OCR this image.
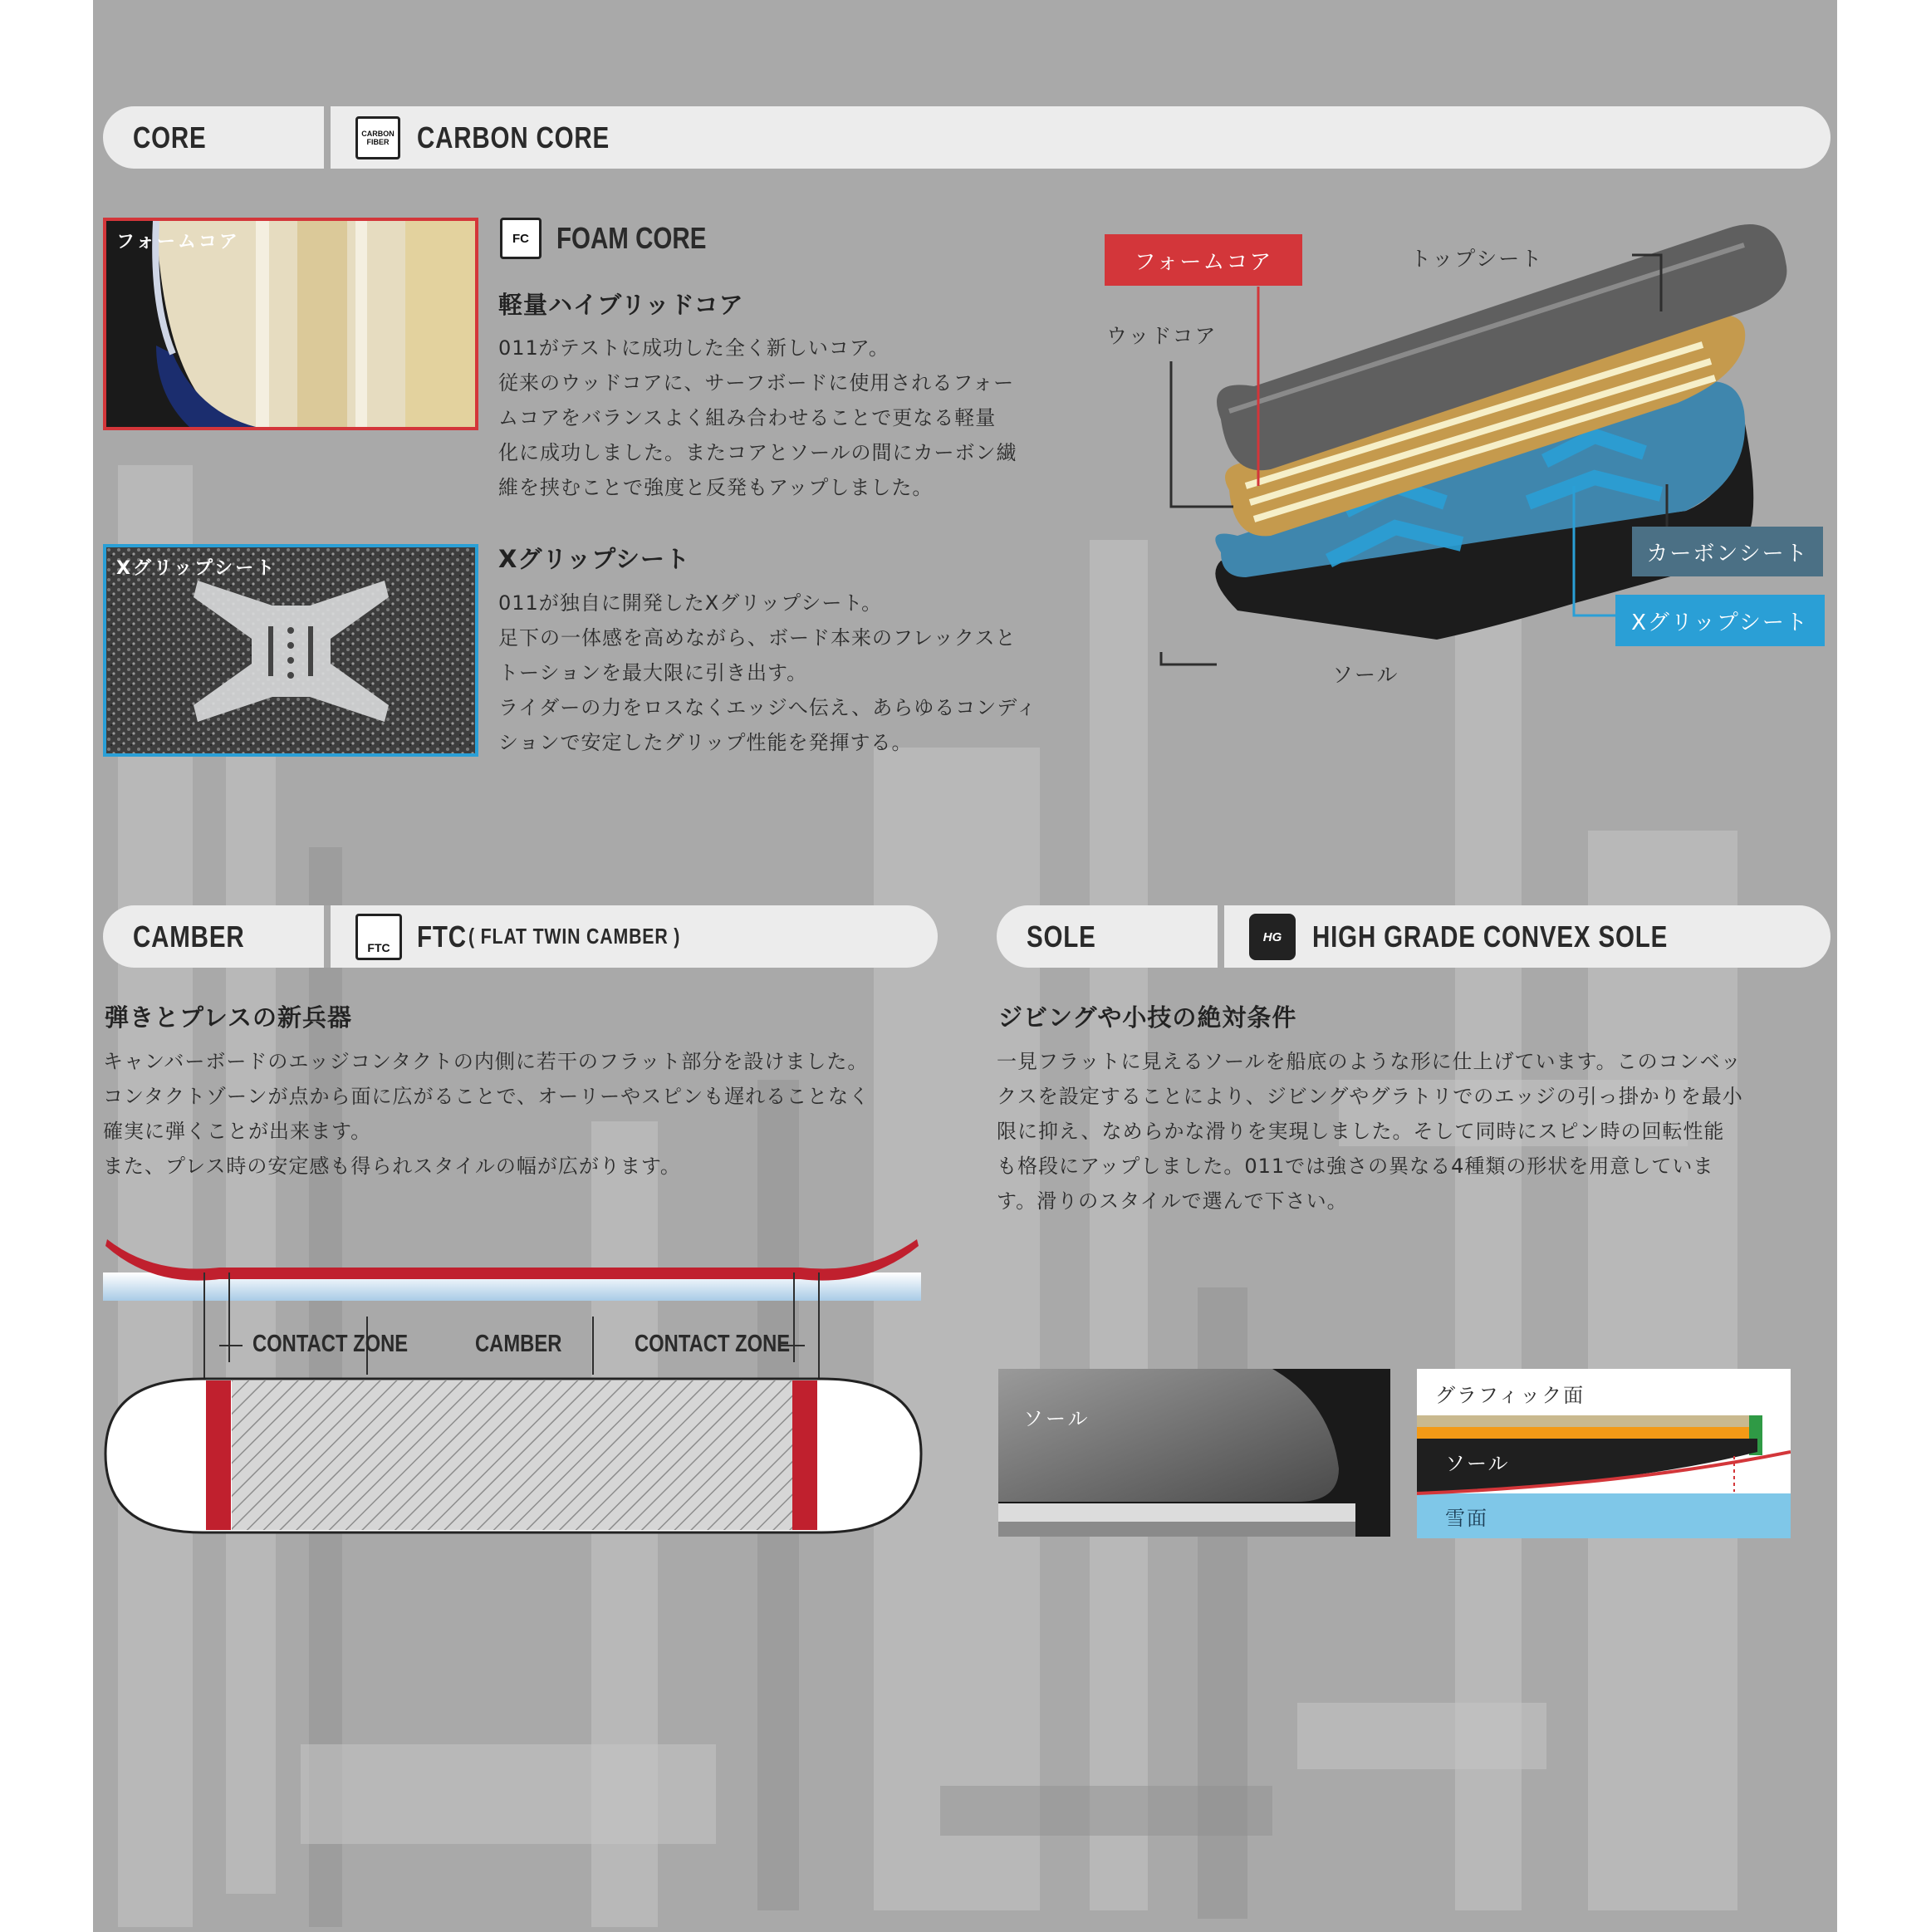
CORE	CARBON FIBER CARBON CORE
フォームコア	FC FOAM CORE
軽量ハイブリッドコア
011がテストに成功した全く新しいコア。
従来のウッドコアに、サーフボードに使用されるフォー
ムコアをバランスよく組み合わせることで更なる軽量
化に成功しました。またコアとソールの間にカーボン繊
維を挟むことで強度と反発もアップしました。
Xグリップシート	Xグリップシート
011が独自に開発したXグリップシート。
足下の一体感を高めながら、ボード本来のフレックスと
トーションを最大限に引き出す。
ライダーの力をロスなくエッジへ伝え、あらゆるコンディ
ションで安定したグリップ性能を発揮する。
フォームコア	トップシート
ウッドコア
カーボンシート
Xグリップシート
ソール
CAMBER	FTC FTC ( FLAT TWIN CAMBER )
弾きとプレスの新兵器
キャンバーボードのエッジコンタクトの内側に若干のフラット部分を設けました。
コンタクトゾーンが点から面に広がることで、オーリーやスピンも遅れることなく
確実に弾くことが出来ます。
また、プレス時の安定感も得られスタイルの幅が広がります。
CONTACT ZONE	CAMBER	CONTACT ZONE
SOLE	HG HIGH GRADE CONVEX SOLE
ジビングや小技の絶対条件
一見フラットに見えるソールを船底のような形に仕上げています。このコンベッ
クスを設定することにより、ジビングやグラトリでのエッジの引っ掛かりを最小
限に抑え、なめらかな滑りを実現しました。そして同時にスピン時の回転性能
も格段にアップしました。011では強さの異なる4種類の形状を用意していま
す。滑りのスタイルで選んで下さい。
ソール
グラフィック面
ソール
雪面
